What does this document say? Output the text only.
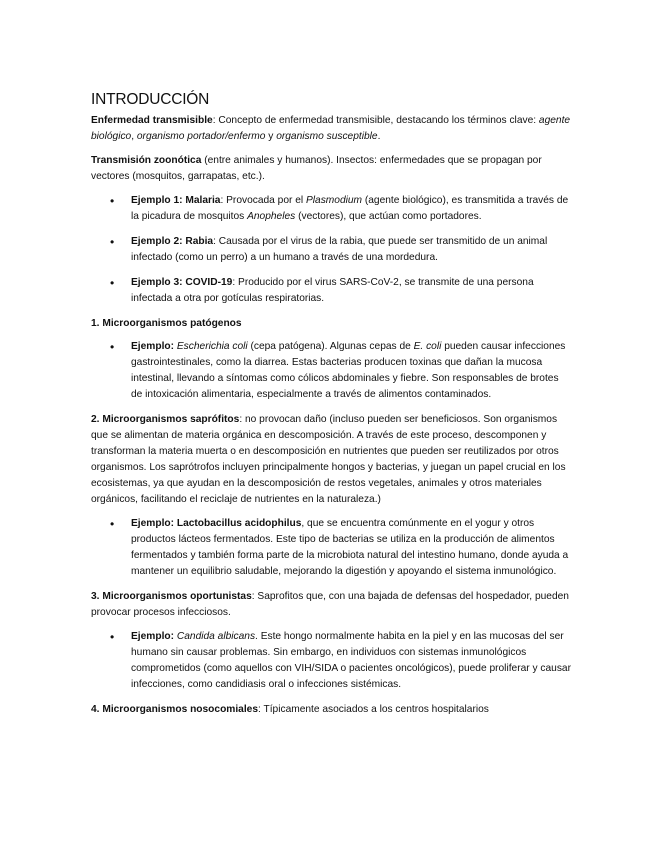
INTRODUCCIÓN

Enfermedad transmisible: Concepto de enfermedad transmisible, destacando los términos clave: agente biológico, organismo portador/enfermo y organismo susceptible.

Transmisión zoonótica (entre animales y humanos). Insectos: enfermedades que se propagan por vectores (mosquitos, garrapatas, etc.).

• Ejemplo 1: Malaria: Provocada por el Plasmodium (agente biológico), es transmitida a través de la picadura de mosquitos Anopheles (vectores), que actúan como portadores.
• Ejemplo 2: Rabia: Causada por el virus de la rabia, que puede ser transmitido de un animal infectado (como un perro) a un humano a través de una mordedura.
• Ejemplo 3: COVID-19: Producido por el virus SARS-CoV-2, se transmite de una persona infectada a otra por gotículas respiratorias.

1. Microorganismos patógenos

• Ejemplo: Escherichia coli (cepa patógena). Algunas cepas de E. coli pueden causar infecciones gastrointestinales, como la diarrea. Estas bacterias producen toxinas que dañan la mucosa intestinal, llevando a síntomas como cólicos abdominales y fiebre. Son responsables de brotes de intoxicación alimentaria, especialmente a través de alimentos contaminados.

2. Microorganismos saprófitos: no provocan daño (incluso pueden ser beneficiosos. Son organismos que se alimentan de materia orgánica en descomposición. A través de este proceso, descomponen y transforman la materia muerta o en descomposición en nutrientes que pueden ser reutilizados por otros organismos. Los saprótrofos incluyen principalmente hongos y bacterias, y juegan un papel crucial en los ecosistemas, ya que ayudan en la descomposición de restos vegetales, animales y otros materiales orgánicos, facilitando el reciclaje de nutrientes en la naturaleza.)

• Ejemplo: Lactobacillus acidophilus, que se encuentra comúnmente en el yogur y otros productos lácteos fermentados. Este tipo de bacterias se utiliza en la producción de alimentos fermentados y también forma parte de la microbiota natural del intestino humano, donde ayuda a mantener un equilibrio saludable, mejorando la digestión y apoyando el sistema inmunológico.

3. Microorganismos oportunistas: Saprofitos que, con una bajada de defensas del hospedador, pueden provocar procesos infecciosos.

• Ejemplo: Candida albicans. Este hongo normalmente habita en la piel y en las mucosas del ser humano sin causar problemas. Sin embargo, en individuos con sistemas inmunológicos comprometidos (como aquellos con VIH/SIDA o pacientes oncológicos), puede proliferar y causar infecciones, como candidiasis oral o infecciones sistémicas.

4. Microorganismos nosocomiales: Típicamente asociados a los centros hospitalarios
